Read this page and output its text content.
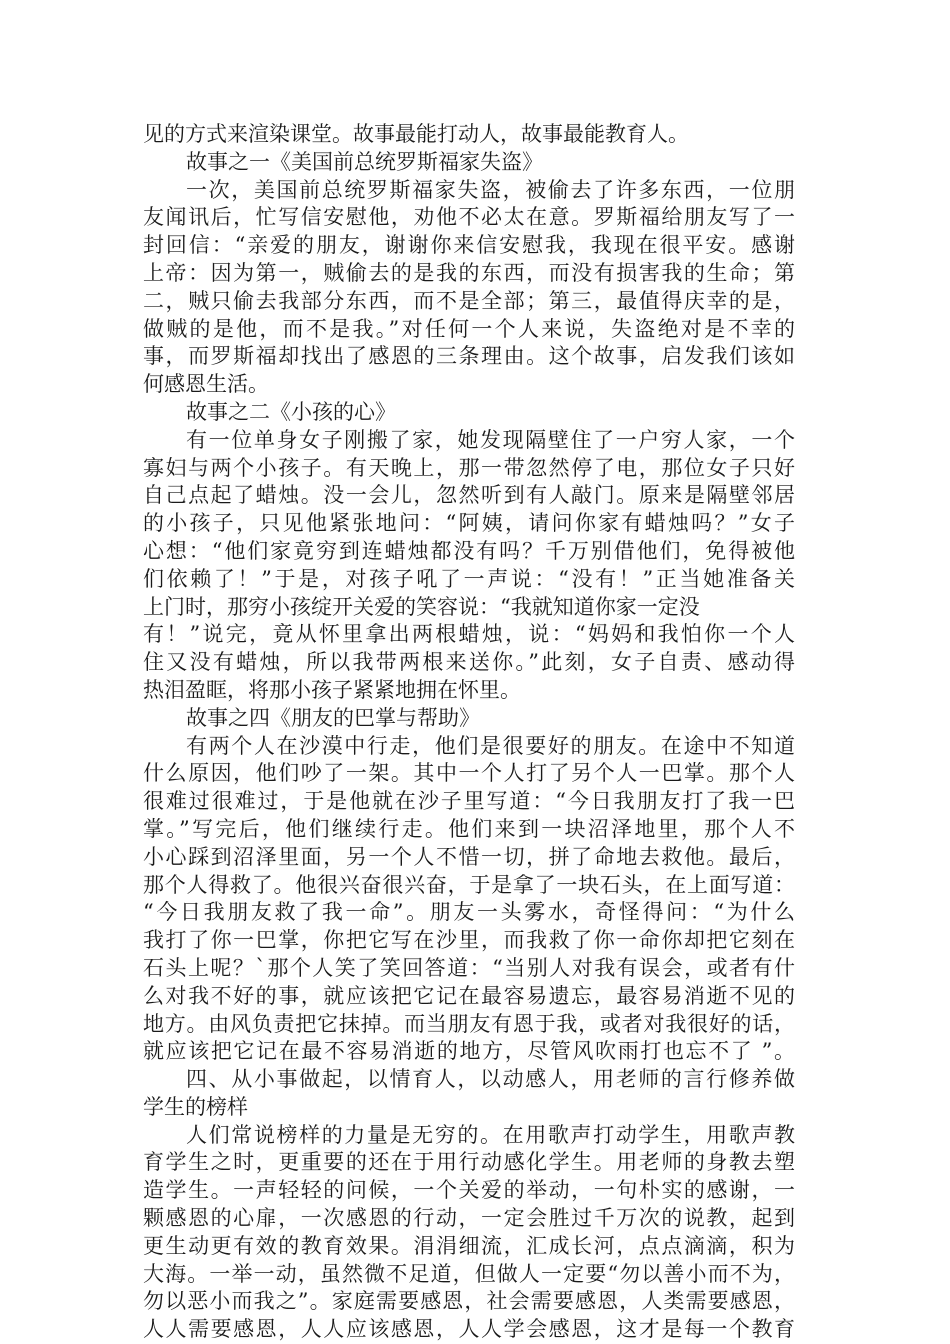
见的方式来渲染课堂。故事最能打动人，故事最能教育人。
故事之一《美国前总统罗斯福家失盗》
一次，美国前总统罗斯福家失盗，被偷去了许多东西，一位朋
友闻讯后，忙写信安慰他，劝他不必太在意。罗斯福给朋友写了一
封回信：“亲爱的朋友，谢谢你来信安慰我，我现在很平安。感谢
上帝：因为第一，贼偷去的是我的东西，而没有损害我的生命；第
二，贼只偷去我部分东西，而不是全部；第三，最值得庆幸的是，
做贼的是他，而不是我。”对任何一个人来说，失盗绝对是不幸的
事，而罗斯福却找出了感恩的三条理由。这个故事，启发我们该如
何感恩生活。
故事之二《小孩的心》
有一位单身女子刚搬了家，她发现隔壁住了一户穷人家，一个
寡妇与两个小孩子。有天晚上，那一带忽然停了电，那位女子只好
自己点起了蜡烛。没一会儿，忽然听到有人敲门。原来是隔壁邻居
的小孩子，只见他紧张地问：“阿姨，请问你家有蜡烛吗？”女子
心想：“他们家竟穷到连蜡烛都没有吗？千万别借他们，免得被他
们依赖了！”于是，对孩子吼了一声说：“没有！”正当她准备关
上门时，那穷小孩绽开关爱的笑容说：“我就知道你家一定没
有！”说完，竟从怀里拿出两根蜡烛，说：“妈妈和我怕你一个人
住又没有蜡烛，所以我带两根来送你。”此刻，女子自责、感动得
热泪盈眶，将那小孩子紧紧地拥在怀里。
故事之四《朋友的巴掌与帮助》
有两个人在沙漠中行走，他们是很要好的朋友。在途中不知道
什么原因，他们吵了一架。其中一个人打了另个人一巴掌。那个人
很难过很难过，于是他就在沙子里写道：“今日我朋友打了我一巴
掌。”写完后，他们继续行走。他们来到一块沼泽地里，那个人不
小心踩到沼泽里面，另一个人不惜一切，拼了命地去救他。最后，
那个人得救了。他很兴奋很兴奋，于是拿了一块石头，在上面写道：
“今日我朋友救了我一命”。朋友一头雾水，奇怪得问：“为什么
我打了你一巴掌，你把它写在沙里，而我救了你一命你却把它刻在
石头上呢？`那个人笑了笑回答道：“当别人对我有误会，或者有什
么对我不好的事，就应该把它记在最容易遗忘，最容易消逝不见的
地方。由风负责把它抹掉。而当朋友有恩于我，或者对我很好的话，
就应该把它记在最不容易消逝的地方，尽管风吹雨打也忘不了 ”。
四、从小事做起，以情育人，以动感人，用老师的言行修养做
学生的榜样
人们常说榜样的力量是无穷的。在用歌声打动学生，用歌声教
育学生之时，更重要的还在于用行动感化学生。用老师的身教去塑
造学生。一声轻轻的问候，一个关爱的举动，一句朴实的感谢，一
颗感恩的心扉，一次感恩的行动，一定会胜过千万次的说教，起到
更生动更有效的教育效果。涓涓细流，汇成长河，点点滴滴，积为
大海。一举一动，虽然微不足道，但做人一定要“勿以善小而不为，
勿以恶小而我之”。家庭需要感恩，社会需要感恩，人类需要感恩，
人人需要感恩，人人应该感恩，人人学会感恩，这才是每一个教育
